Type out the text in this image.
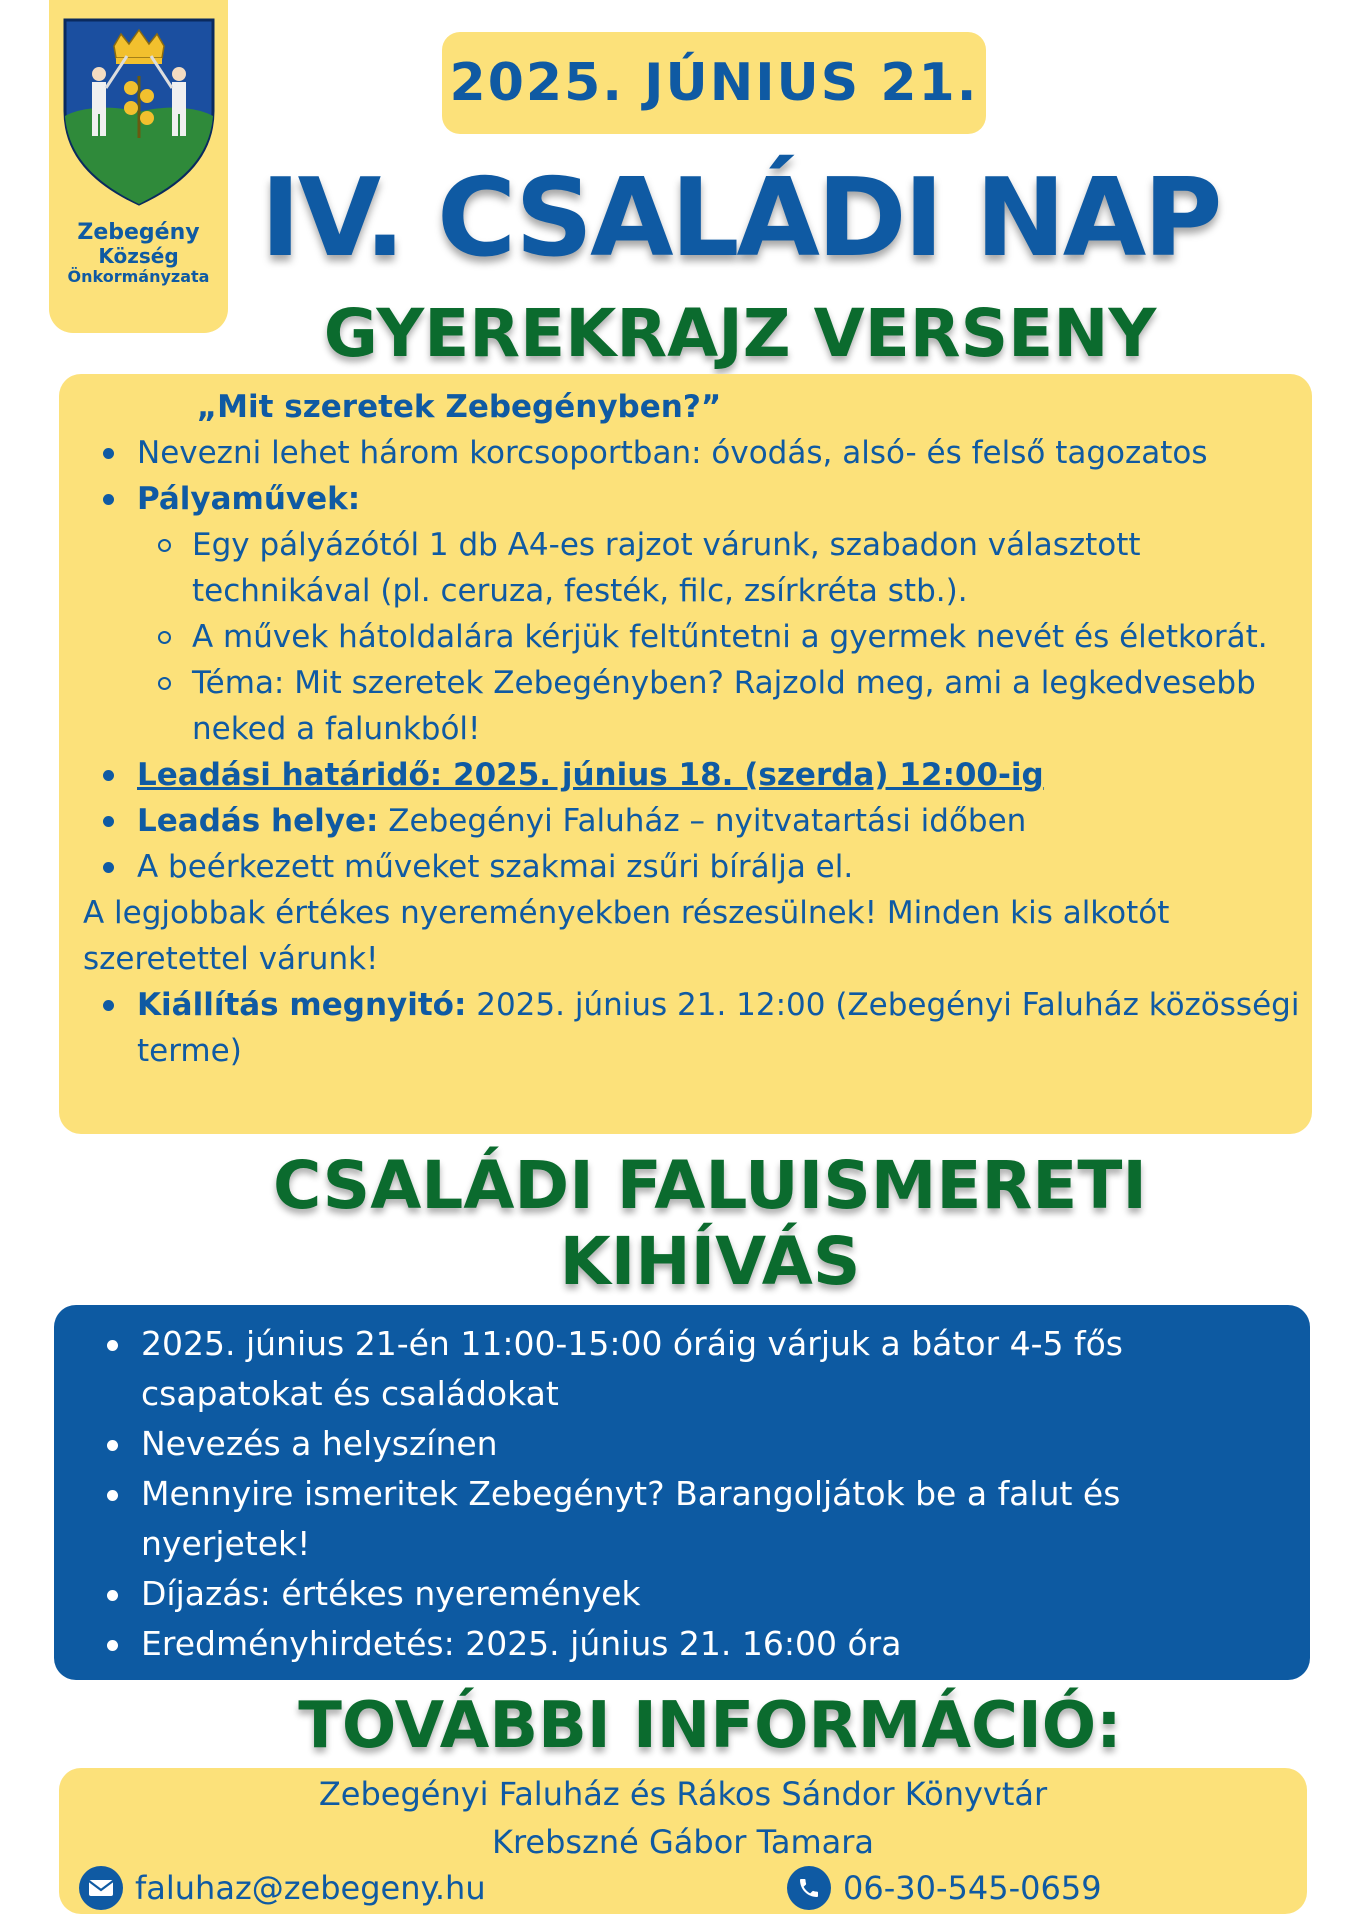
Zebegény
Község
Önkormányzata
2025. JÚNIUS 21.
IV. CSALÁDI NAP
GYEREKRAJZ VERSENY
„Mit szeretek Zebegényben?”
Nevezni lehet három korcsoportban: óvodás, alsó- és felső tagozatos
Pályaművek:
Egy pályázótól 1 db A4-es rajzot várunk, szabadon választott
technikával (pl. ceruza, festék, filc, zsírkréta stb.).
A művek hátoldalára kérjük feltűntetni a gyermek nevét és életkorát.
Téma: Mit szeretek Zebegényben? Rajzold meg, ami a legkedvesebb
neked a falunkból!
Leadási határidő: 2025. június 18. (szerda) 12:00-ig
Leadás helye: Zebegényi Faluház – nyitvatartási időben
A beérkezett műveket szakmai zsűri bírálja el.
A legjobbak értékes nyereményekben részesülnek! Minden kis alkotót
szeretettel várunk!
Kiállítás megnyitó: 2025. június 21. 12:00 (Zebegényi Faluház közösségi
terme)
CSALÁDI FALUISMERETI
KIHÍVÁS
2025. június 21-én 11:00-15:00 óráig várjuk a bátor 4-5 fős
csapatokat és családokat
Nevezés a helyszínen
Mennyire ismeritek Zebegényt? Barangoljátok be a falut és
nyerjetek!
Díjazás: értékes nyeremények
Eredményhirdetés: 2025. június 21. 16:00 óra
TOVÁBBI INFORMÁCIÓ:
Zebegényi Faluház és Rákos Sándor Könyvtár
Krebszné Gábor Tamara
faluhaz@zebegeny.hu	06-30-545-0659
